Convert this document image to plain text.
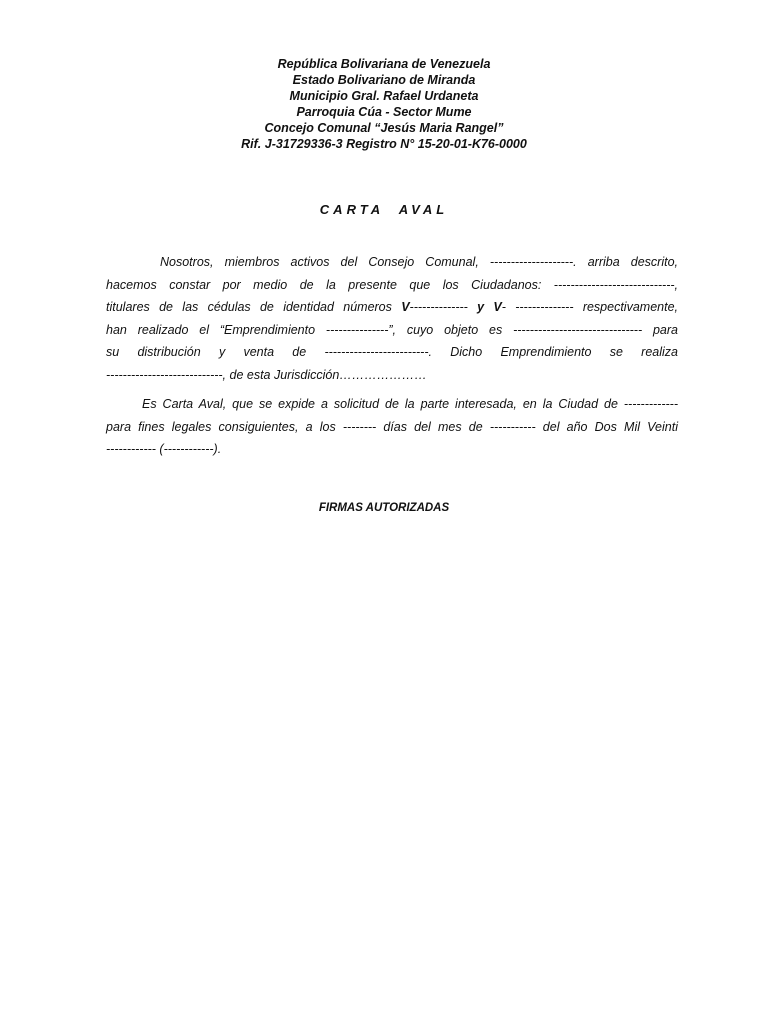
República Bolivariana de Venezuela
Estado Bolivariano de Miranda
Municipio Gral. Rafael Urdaneta
Parroquia Cúa - Sector Mume
Concejo Comunal “Jesús Maria Rangel”
Rif. J-31729336-3 Registro N° 15-20-01-K76-0000
CARTA AVAL
Nosotros, miembros activos del Consejo Comunal, --------------------. arriba descrito,
hacemos constar por medio de la presente que los Ciudadanos: -----------------------------,
titulares de las cédulas de identidad números V-------------- y V- -------------- respectivamente,
han realizado el “Emprendimiento ---------------”, cuyo objeto es ------------------------------- para
su distribución y venta de -------------------------. Dicho Emprendimiento se realiza
----------------------------, de esta Jurisdicción…………………
Es Carta Aval, que se expide a solicitud de la parte interesada, en la Ciudad de -------------
para fines legales consiguientes, a los -------- días del mes de ----------- del año Dos Mil Veinti
------------ (------------).
FIRMAS AUTORIZADAS
